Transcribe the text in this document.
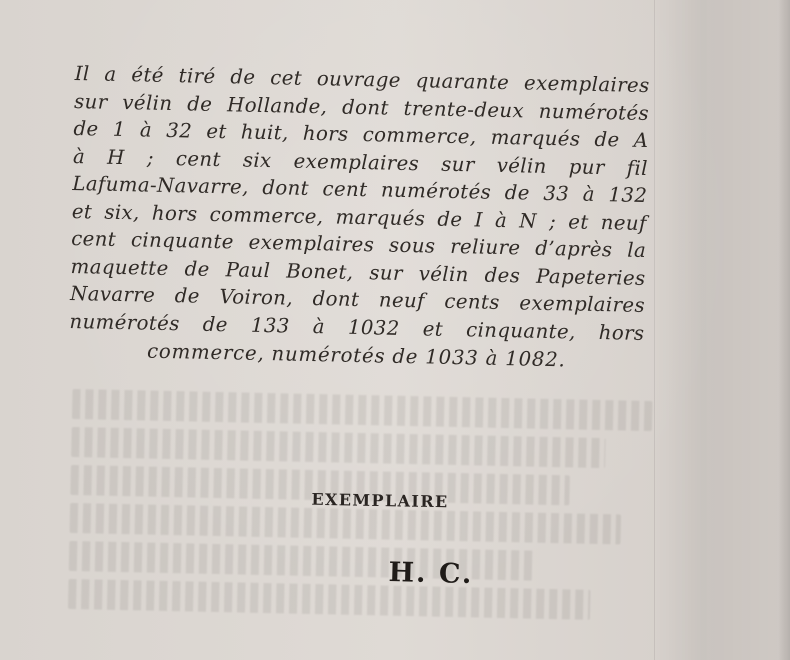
Il a été tiré de cet ouvrage quarante exemplaires
sur vélin de Hollande, dont trente-deux numérotés
de 1 à 32 et huit, hors commerce, marqués de A
à H ; cent six exemplaires sur vélin pur fil
Lafuma-Navarre, dont cent numérotés de 33 à 132
et six, hors commerce, marqués de I à N ; et neuf
cent cinquante exemplaires sous reliure d’après la
maquette de Paul Bonet, sur vélin des Papeteries
Navarre de Voiron, dont neuf cents exemplaires
numérotés de 133 à 1032 et cinquante, hors
commerce, numérotés de 1033 à 1082.
EXEMPLAIRE
H. C.
